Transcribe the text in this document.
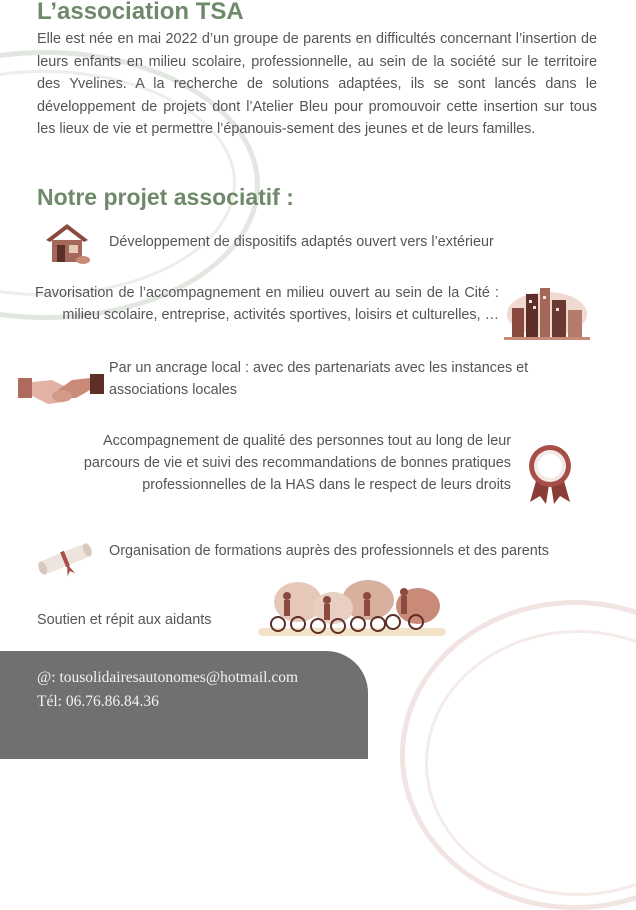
L’association TSA
Elle est née en mai 2022 d’un groupe de parents en difficultés concernant l’insertion de leurs enfants en milieu scolaire, professionnelle, au sein de la société sur le territoire des Yvelines. A la recherche de solutions adaptées, ils se sont lancés dans le développement de projets dont l’Atelier Bleu pour promouvoir cette insertion sur tous les lieux de vie et permettre l’épanouis-sement des jeunes et de leurs familles.
Notre projet associatif :
Développement de dispositifs adaptés ouvert vers l’extérieur
Favorisation de l’accompagnement en milieu ouvert au sein de la Cité : milieu scolaire, entreprise, activités sportives, loisirs et culturelles, …
Par un ancrage local : avec des partenariats avec les instances et associations locales
Accompagnement de qualité des personnes tout au long de leur parcours de vie et suivi des recommandations de bonnes pratiques professionnelles de la HAS dans le respect de leurs droits
Organisation de formations auprès des professionnels et des parents
Soutien et répit aux aidants
@: tousolidairesautonomes@hotmail.com
Tél: 06.76.86.84.36
